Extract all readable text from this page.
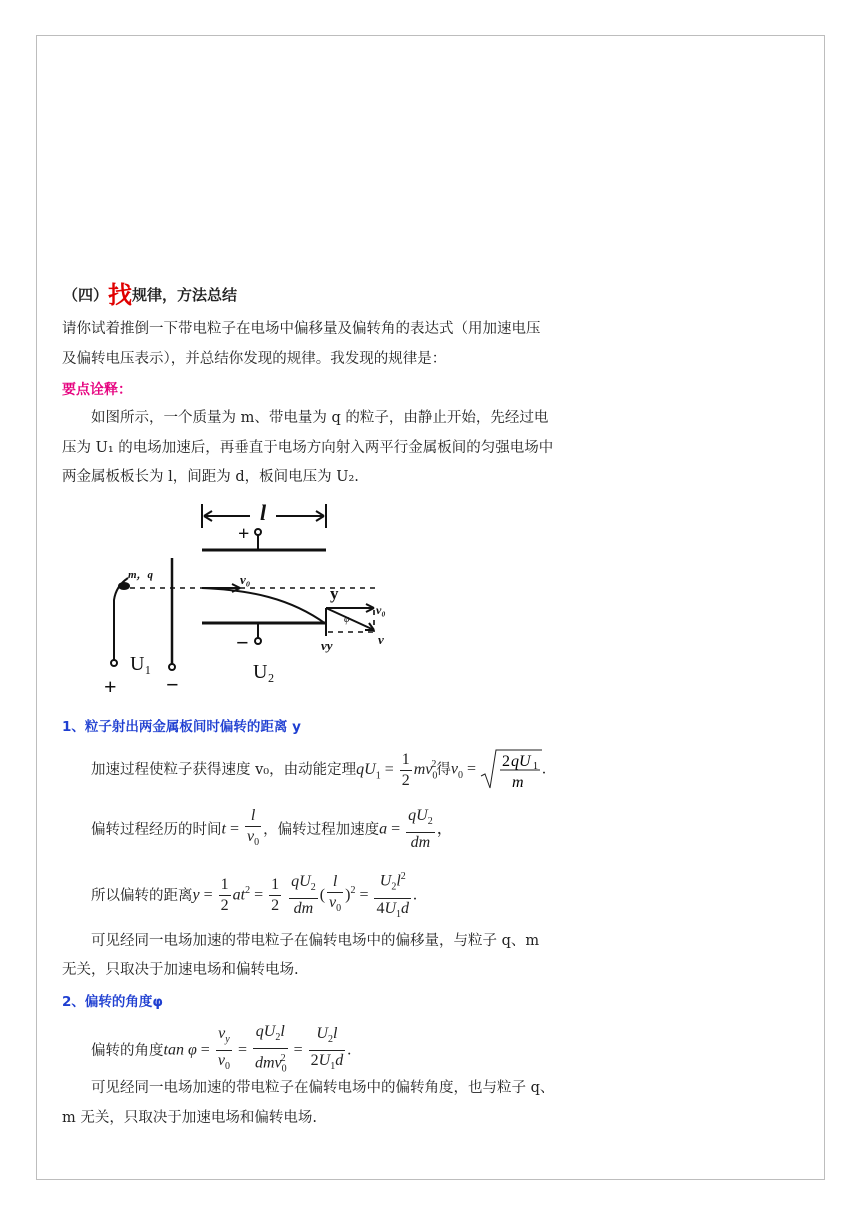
（四）找规律，方法总结
请你试着推倒一下带电粒子在电场中偏移量及偏转角的表达式（用加速电压
及偏转电压表示），并总结你发现的规律。我发现的规律是：
要点诠释：
如图所示，一个质量为 m、带电量为 q 的粒子，由静止开始，先经过电
压为 U₁ 的电场加速后，再垂直于电场方向射入两平行金属板间的匀强电场中
两金属板板长为 l，间距为 d，板间电压为 U₂.
l
+
m，q	v₀
y
v₀
φ
v
vy
−
U₁	U₂
+ −
1、粒子射出两金属板间时偏转的距离 y
加速过程使粒子获得速度 v₀，由动能定理 $qU_1 = \frac{1}{2} mv_0^2$ 得 $v_0 = 2$ qU 1
m
.
偏转过程经历的时间 $t = \frac{l}{v_0}$ ，偏转过程加速度 $a = \frac{qU_2}{dm}$ ，
所以偏转的距离 $y = \frac{1}{2} at^2 = \frac{1}{2}$
$\frac{qU_2}{dm}$ ( $\frac{l}{v_0} )^2 = \frac{U_2l^2}{4U_1d}$ .
可见经同一电场加速的带电粒子在偏转电场中的偏移量，与粒子 q、m
无关，只取决于加速电场和偏转电场.
2、偏转的角度φ
偏转的角度 $\tan \varphi = \frac{v_y}{v_0} = \frac{qU_2l}{dmv_0^2} = \frac{U_2l}{2U_1d}$ .
可见经同一电场加速的带电粒子在偏转电场中的偏转角度，也与粒子 q、
m 无关，只取决于加速电场和偏转电场.
